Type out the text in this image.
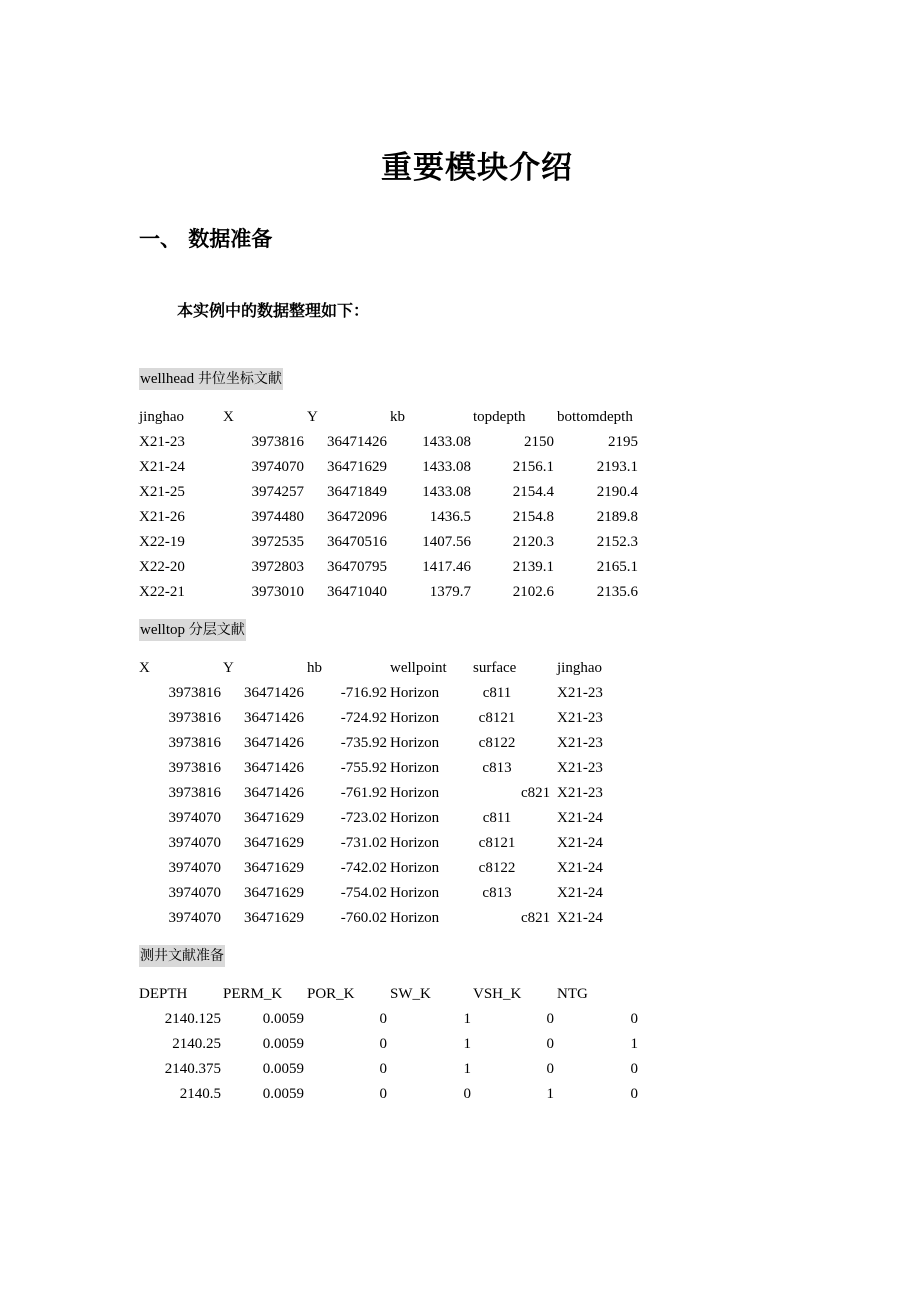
重要模块介绍
一、 数据准备
本实例中的数据整理如下：
wellhead 井位坐标文献
jinghao	X	Y	kb	topdepth bottomdepth
X21-23	3973816	36471426	1433.08	2150	2195
X21-24	3974070	36471629	1433.08	2156.1	2193.1
X21-25	3974257	36471849	1433.08	2154.4	2190.4
X21-26	3974480	36472096	1436.5	2154.8	2189.8
X22-19	3972535	36470516	1407.56	2120.3	2152.3
X22-20	3972803	36470795	1417.46	2139.1	2165.1
X22-21	3973010	36471040	1379.7	2102.6	2135.6
welltop 分层文献
X	Y	hb	wellpoint surface	jinghao
3973816	36471426	-716.92 Horizon	c811	X21-23
3973816	36471426	-724.92 Horizon	c8121	X21-23
3973816	36471426	-735.92 Horizon	c8122	X21-23
3973816	36471426	-755.92 Horizon	c813	X21-23
3973816	36471426	-761.92 Horizon	c821 X21-23
3974070	36471629	-723.02 Horizon	c811	X21-24
3974070	36471629	-731.02 Horizon	c8121	X21-24
3974070	36471629	-742.02 Horizon	c8122	X21-24
3974070	36471629	-754.02 Horizon	c813	X21-24
3974070	36471629	-760.02 Horizon	c821 X21-24
测井文献准备
DEPTH PERM_K POR_K SW_K	VSH_K NTG
2140.125	0.0059	0	1	0	0
2140.25	0.0059	0	1	0	1
2140.375	0.0059	0	1	0	0
2140.5	0.0059	0	0	1	0
